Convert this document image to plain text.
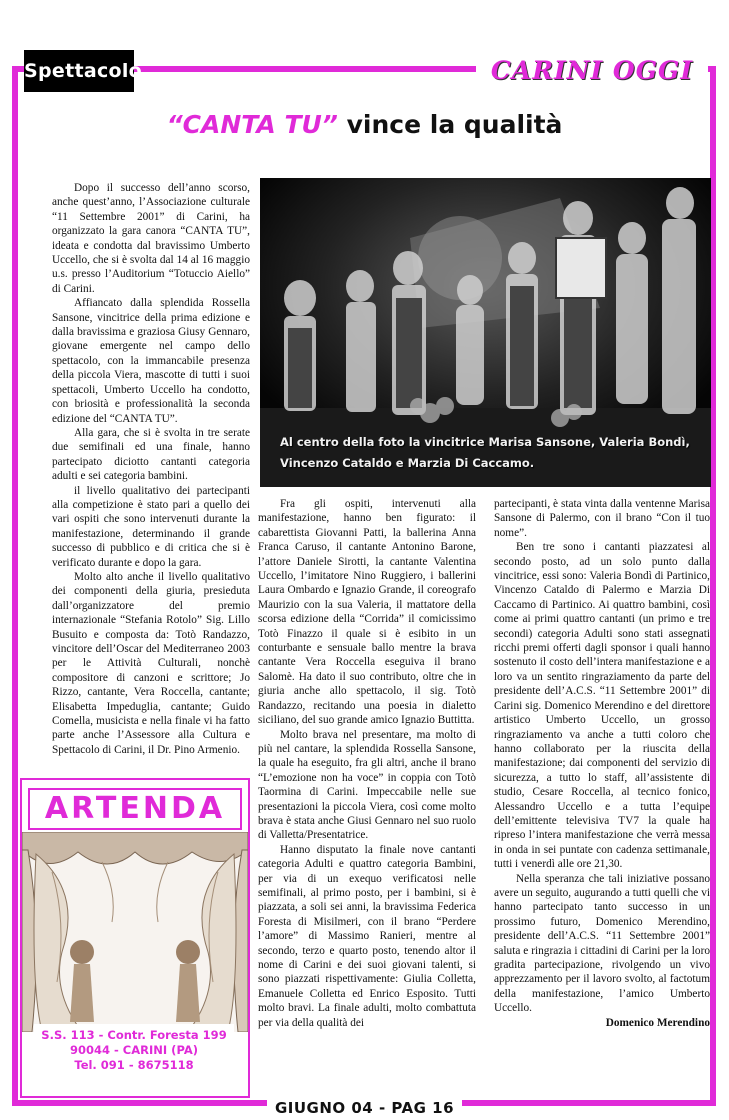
Spettacolo	CARINI OGGI
“CANTA TU” vince la qualità

Dopo il successo dell’anno scorso, anche quest’anno, l’Associazione culturale “11 Settembre 2001” di Carini, ha organizzato la gara canora “CANTA TU”, ideata e condotta dal bravissimo Umberto Uccello, che si è svolta dal 14 al 16 maggio u.s. presso l’Auditorium “Totuccio Aiello” di Carini.

Affiancato dalla splendida Rossella Sansone, vincitrice della prima edizione e dalla bravissima e graziosa Giusy Gennaro, giovane emergente nel campo dello spettacolo, con la immancabile presenza della piccola Viera, mascotte di tutti i suoi spettacoli, Umberto Uccello ha condotto, con briosità e professionalità la seconda edizione del “CANTA TU”.

Alla gara, che si è svolta in tre serate due semifinali ed una finale, hanno partecipato diciotto cantanti categoria adulti e sei categoria bambini.

il livello qualitativo dei partecipanti alla competizione è stato pari a quello dei vari ospiti che sono intervenuti durante la manifestazione, determinando il grande successo di pubblico e di critica che si è verificato durante e dopo la gara.

Molto alto anche il livello qualitativo dei componenti della giuria, presieduta dall’organizzatore del premio internazionale “Stefania Rotolo” Sig. Lillo Busuito e composta da: Totò Randazzo, vincitore dell’Oscar del Mediterraneo 2003 per le Attività Culturali, nonchè compositore di canzoni e scrittore; Jo Rizzo, cantante, Vera Roccella, cantante; Elisabetta Impeduglia, cantante; Guido Comella, musicista e nella finale vi ha fatto parte anche l’Assessore alla Cultura e Spettacolo di Carini, il Dr. Pino Armenio.

Al centro della foto la vincitrice Marisa Sansone, Valeria Bondì, Vincenzo Cataldo e Marzia Di Caccamo.

Fra gli ospiti, intervenuti alla manifestazione, hanno ben figurato: il cabarettista Giovanni Patti, la ballerina Anna Franca Caruso, il cantante Antonino Barone, l’attore Daniele Sirotti, la cantante Valentina Uccello, l’imitatore Nino Ruggiero, i ballerini Laura Ombardo e Ignazio Grande, il coreografo Maurizio con la sua Valeria, il mattatore della scorsa edizione della “Corrida” il comicissimo Totò Finazzo il quale si è esibito in un conturbante e sensuale ballo mentre la brava cantante Vera Roccella eseguiva il brano Salomè. Ha dato il suo contributo, oltre che in giuria anche allo spettacolo, il sig. Totò Randazzo, recitando una poesia in dialetto siciliano, del suo grande amico Ignazio Buttitta.

Molto brava nel presentare, ma molto di più nel cantare, la splendida Rossella Sansone, la quale ha eseguito, fra gli altri, anche il brano “L’emozione non ha voce” in coppia con Totò Taormina di Carini. Impeccabile nelle sue presentazioni la piccola Viera, così come molto brava è stata anche Giusi Gennaro nel suo ruolo di Valletta/Presentatrice.

Hanno disputato la finale nove cantanti categoria Adulti e quattro categoria Bambini, per via di un exequo verificatosi nelle semifinali, al primo posto, per i bambini, si è piazzata, a soli sei anni, la bravissima Federica Foresta di Misilmeri, con il brano “Perdere l’amore” di Massimo Ranieri, mentre al secondo, terzo e quarto posto, tenendo altor il nome di Carini e dei suoi giovani talenti, si sono piazzati rispettivamente: Giulia Colletta, Emanuele Colletta ed Enrico Esposito. Tutti molto bravi. La finale adulti, molto combattuta per via della qualità dei

partecipanti, è stata vinta dalla ventenne Marisa Sansone di Palermo, con il brano “Con il tuo nome”.

Ben tre sono i cantanti piazzatesi al secondo posto, ad un solo punto dalla vincitrice, essi sono: Valeria Bondì di Partinico, Vincenzo Cataldo di Palermo e Marzia Di Caccamo di Partinico. Ai quattro bambini, così come ai primi quattro cantanti (un primo e tre secondi) categoria Adulti sono stati assegnati ricchi premi offerti dagli sponsor i quali hanno sostenuto il costo dell’intera manifestazione e a loro va un sentito ringraziamento da parte del presidente dell’A.C.S. “11 Settembre 2001” di Carini sig. Domenico Merendino e del direttore artistico Umberto Uccello, un grosso ringraziamento va anche a tutti coloro che hanno collaborato per la riuscita della manifestazione; dai componenti del servizio di sicurezza, a tutto lo staff, all’assistente di studio, Cesare Roccella, al tecnico fonico, Alessandro Uccello e a tutta l’equipe dell’emittente televisiva TV7 la quale ha ripreso l’intera manifestazione che verrà messa in onda in sei puntate con cadenza settimanale, tutti i venerdì alle ore 21,30.

Nella speranza che tali iniziative possano avere un seguito, augurando a tutti quelli che vi hanno partecipato tanto successo in un prossimo futuro, Domenico Merendino, presidente dell’A.C.S. “11 Settembre 2001” saluta e ringrazia i cittadini di Carini per la loro gradita partecipazione, rivolgendo un vivo apprezzamento per il lavoro svolto, al factotum della manifestazione, l’amico Umberto Uccello.

Domenico Merendino

ARTENDA
S.S. 113 - Contr. Foresta 199
90044 - CARINI (PA)
Tel. 091 - 8675118
GIUGNO 04 - PAG 16
